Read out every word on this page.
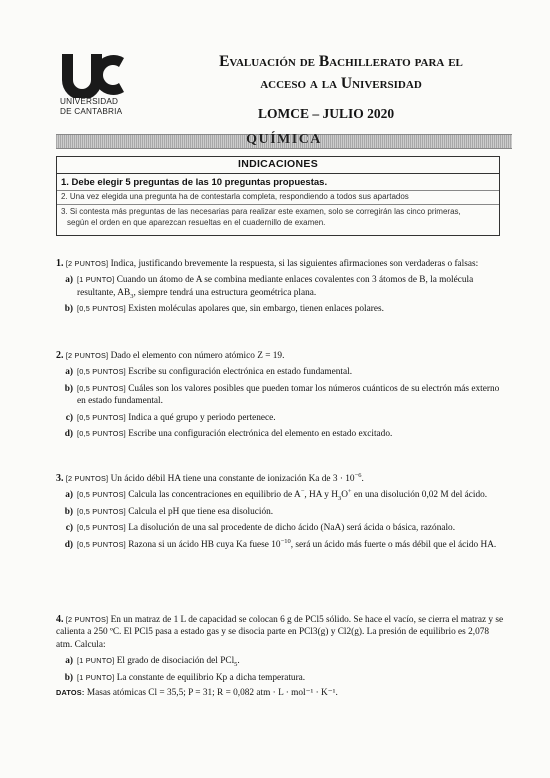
UNIVERSIDAD
DE CANTABRIA
Evaluación de Bachillerato para el
acceso a la Universidad
LOMCE – JULIO 2020
QUÍMICA
INDICACIONES
1. Debe elegir 5 preguntas de las 10 preguntas propuestas.
2. Una vez elegida una pregunta ha de contestarla completa, respondiendo a todos sus apartados
3. Si contesta más preguntas de las necesarias para realizar este examen, solo se corregirán las cinco primeras,
según el orden en que aparezcan resueltas en el cuadernillo de examen.
1. [2 PUNTOS] Indica, justificando brevemente la respuesta, si las siguientes afirmaciones son verdaderas o falsas:
a) [1 PUNTO] Cuando un átomo de A se combina mediante enlaces covalentes con 3 átomos de B, la molécula resultante, $AB_3$, siempre tendrá una estructura geométrica plana.
b) [0,5 PUNTOS] Existen moléculas apolares que, sin embargo, tienen enlaces polares.
2. [2 PUNTOS] Dado el elemento con número atómico Z = 19.
a) [0,5 PUNTOS] Escribe su configuración electrónica en estado fundamental.
b) [0,5 PUNTOS] Cuáles son los valores posibles que pueden tomar los números cuánticos de su electrón más externo en estado fundamental.
c) [0,5 PUNTOS] Indica a qué grupo y periodo pertenece.
d) [0,5 PUNTOS] Escribe una configuración electrónica del elemento en estado excitado.
3. [2 PUNTOS] Un ácido débil HA tiene una constante de ionización Ka de $3 \cdot 10^{-6}$.
a) [0,5 PUNTOS] Calcula las concentraciones en equilibrio de A−, HA y $H_3O^+$ en una disolución 0,02 M del ácido.
b) [0,5 PUNTOS] Calcula el pH que tiene esa disolución.
c) [0,5 PUNTOS] La disolución de una sal procedente de dicho ácido (NaA) será ácida o básica, razónalo.
d) [0,5 PUNTOS] Razona si un ácido HB cuya Ka fuese $10^{-10}$, será un ácido más fuerte o más débil que el ácido HA.
4. [2 PUNTOS] En un matraz de 1 L de capacidad se colocan 6 g de PCl5 sólido. Se hace el vacío, se cierra el matraz y se calienta a 250 ºC. El PCl5 pasa a estado gas y se disocia parte en PCl3(g) y Cl2(g). La presión de equilibrio es 2,078 atm. Calcula:
a) [1 PUNTO] El grado de disociación del PCl$_5$.
b) [1 PUNTO] La constante de equilibrio Kp a dicha temperatura.
DATOS: Masas atómicas Cl = 35,5; P = 31; R = 0,082 atm · L · mol⁻¹ · K⁻¹.
